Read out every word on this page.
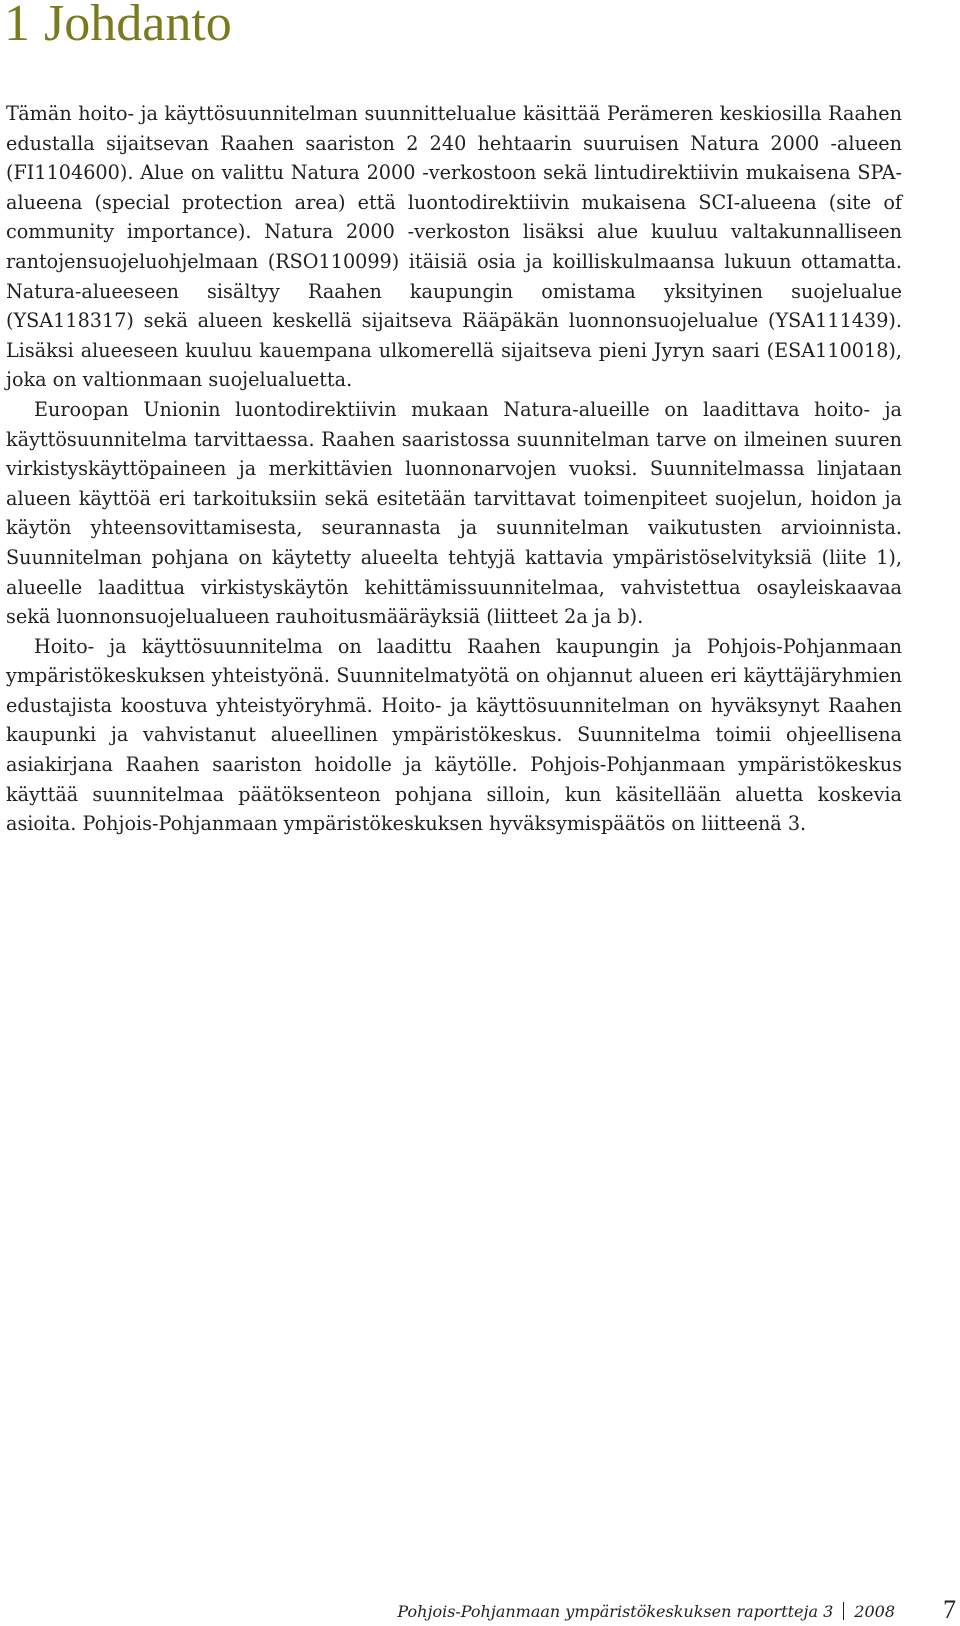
1 Johdanto

Tämän hoito- ja käyttösuunnitelman suunnittelualue käsittää Perämeren keskiosilla Raahen edustalla sijaitsevan Raahen saariston 2 240 hehtaarin suuruisen Natura 2000 -alueen (FI1104600). Alue on valittu Natura 2000 -verkostoon sekä lintudirektiivin mukaisena SPA-alueena (special protection area) että luontodirektiivin mukaisena SCI-alueena (site of community importance). Natura 2000 -verkoston lisäksi alue kuuluu valtakunnalliseen rantojensuojeluohjelmaan (RSO110099) itäisiä osia ja koilliskulmaansa lukuun ottamatta. Natura-alueeseen sisältyy Raahen kaupungin omistama yksityinen suojelualue (YSA118317) sekä alueen keskellä sijaitseva Rääpäkän luonnonsuojelualue (YSA111439). Lisäksi alueeseen kuuluu kauempana ulkomerellä sijaitseva pieni Jyryn saari (ESA110018), joka on valtionmaan suojelualuetta.

Euroopan Unionin luontodirektiivin mukaan Natura-alueille on laadittava hoito- ja käyttösuunnitelma tarvittaessa. Raahen saaristossa suunnitelman tarve on ilmeinen suuren virkistyskäyttöpaineen ja merkittävien luonnonarvojen vuoksi. Suunnitelmassa linjataan alueen käyttöä eri tarkoituksiin sekä esitetään tarvittavat toimenpiteet suojelun, hoidon ja käytön yhteensovittamisesta, seurannasta ja suunnitelman vaikutusten arvioinnista. Suunnitelman pohjana on käytetty alueelta tehtyjä kattavia ympäristöselvityksiä (liite 1), alueelle laadittua virkistyskäytön kehittämissuunnitelmaa, vahvistettua osayleiskaavaa sekä luonnonsuojelualueen rauhoitusmääräyksiä (liitteet 2a ja b).

Hoito- ja käyttösuunnitelma on laadittu Raahen kaupungin ja Pohjois-Pohjanmaan ympäristökeskuksen yhteistyönä. Suunnitelmatyötä on ohjannut alueen eri käyttäjäryhmien edustajista koostuva yhteistyöryhmä. Hoito- ja käyttösuunnitelman on hyväksynyt Raahen kaupunki ja vahvistanut alueellinen ympäristökeskus. Suunnitelma toimii ohjeellisena asiakirjana Raahen saariston hoidolle ja käytölle. Pohjois-Pohjanmaan ympäristökeskus käyttää suunnitelmaa päätöksenteon pohjana silloin, kun käsitellään aluetta koskevia asioita. Pohjois-Pohjanmaan ympäristökeskuksen hyväksymispäätös on liitteenä 3.

Pohjois-Pohjanmaan ympäristökeskuksen raportteja 3 2008 7
